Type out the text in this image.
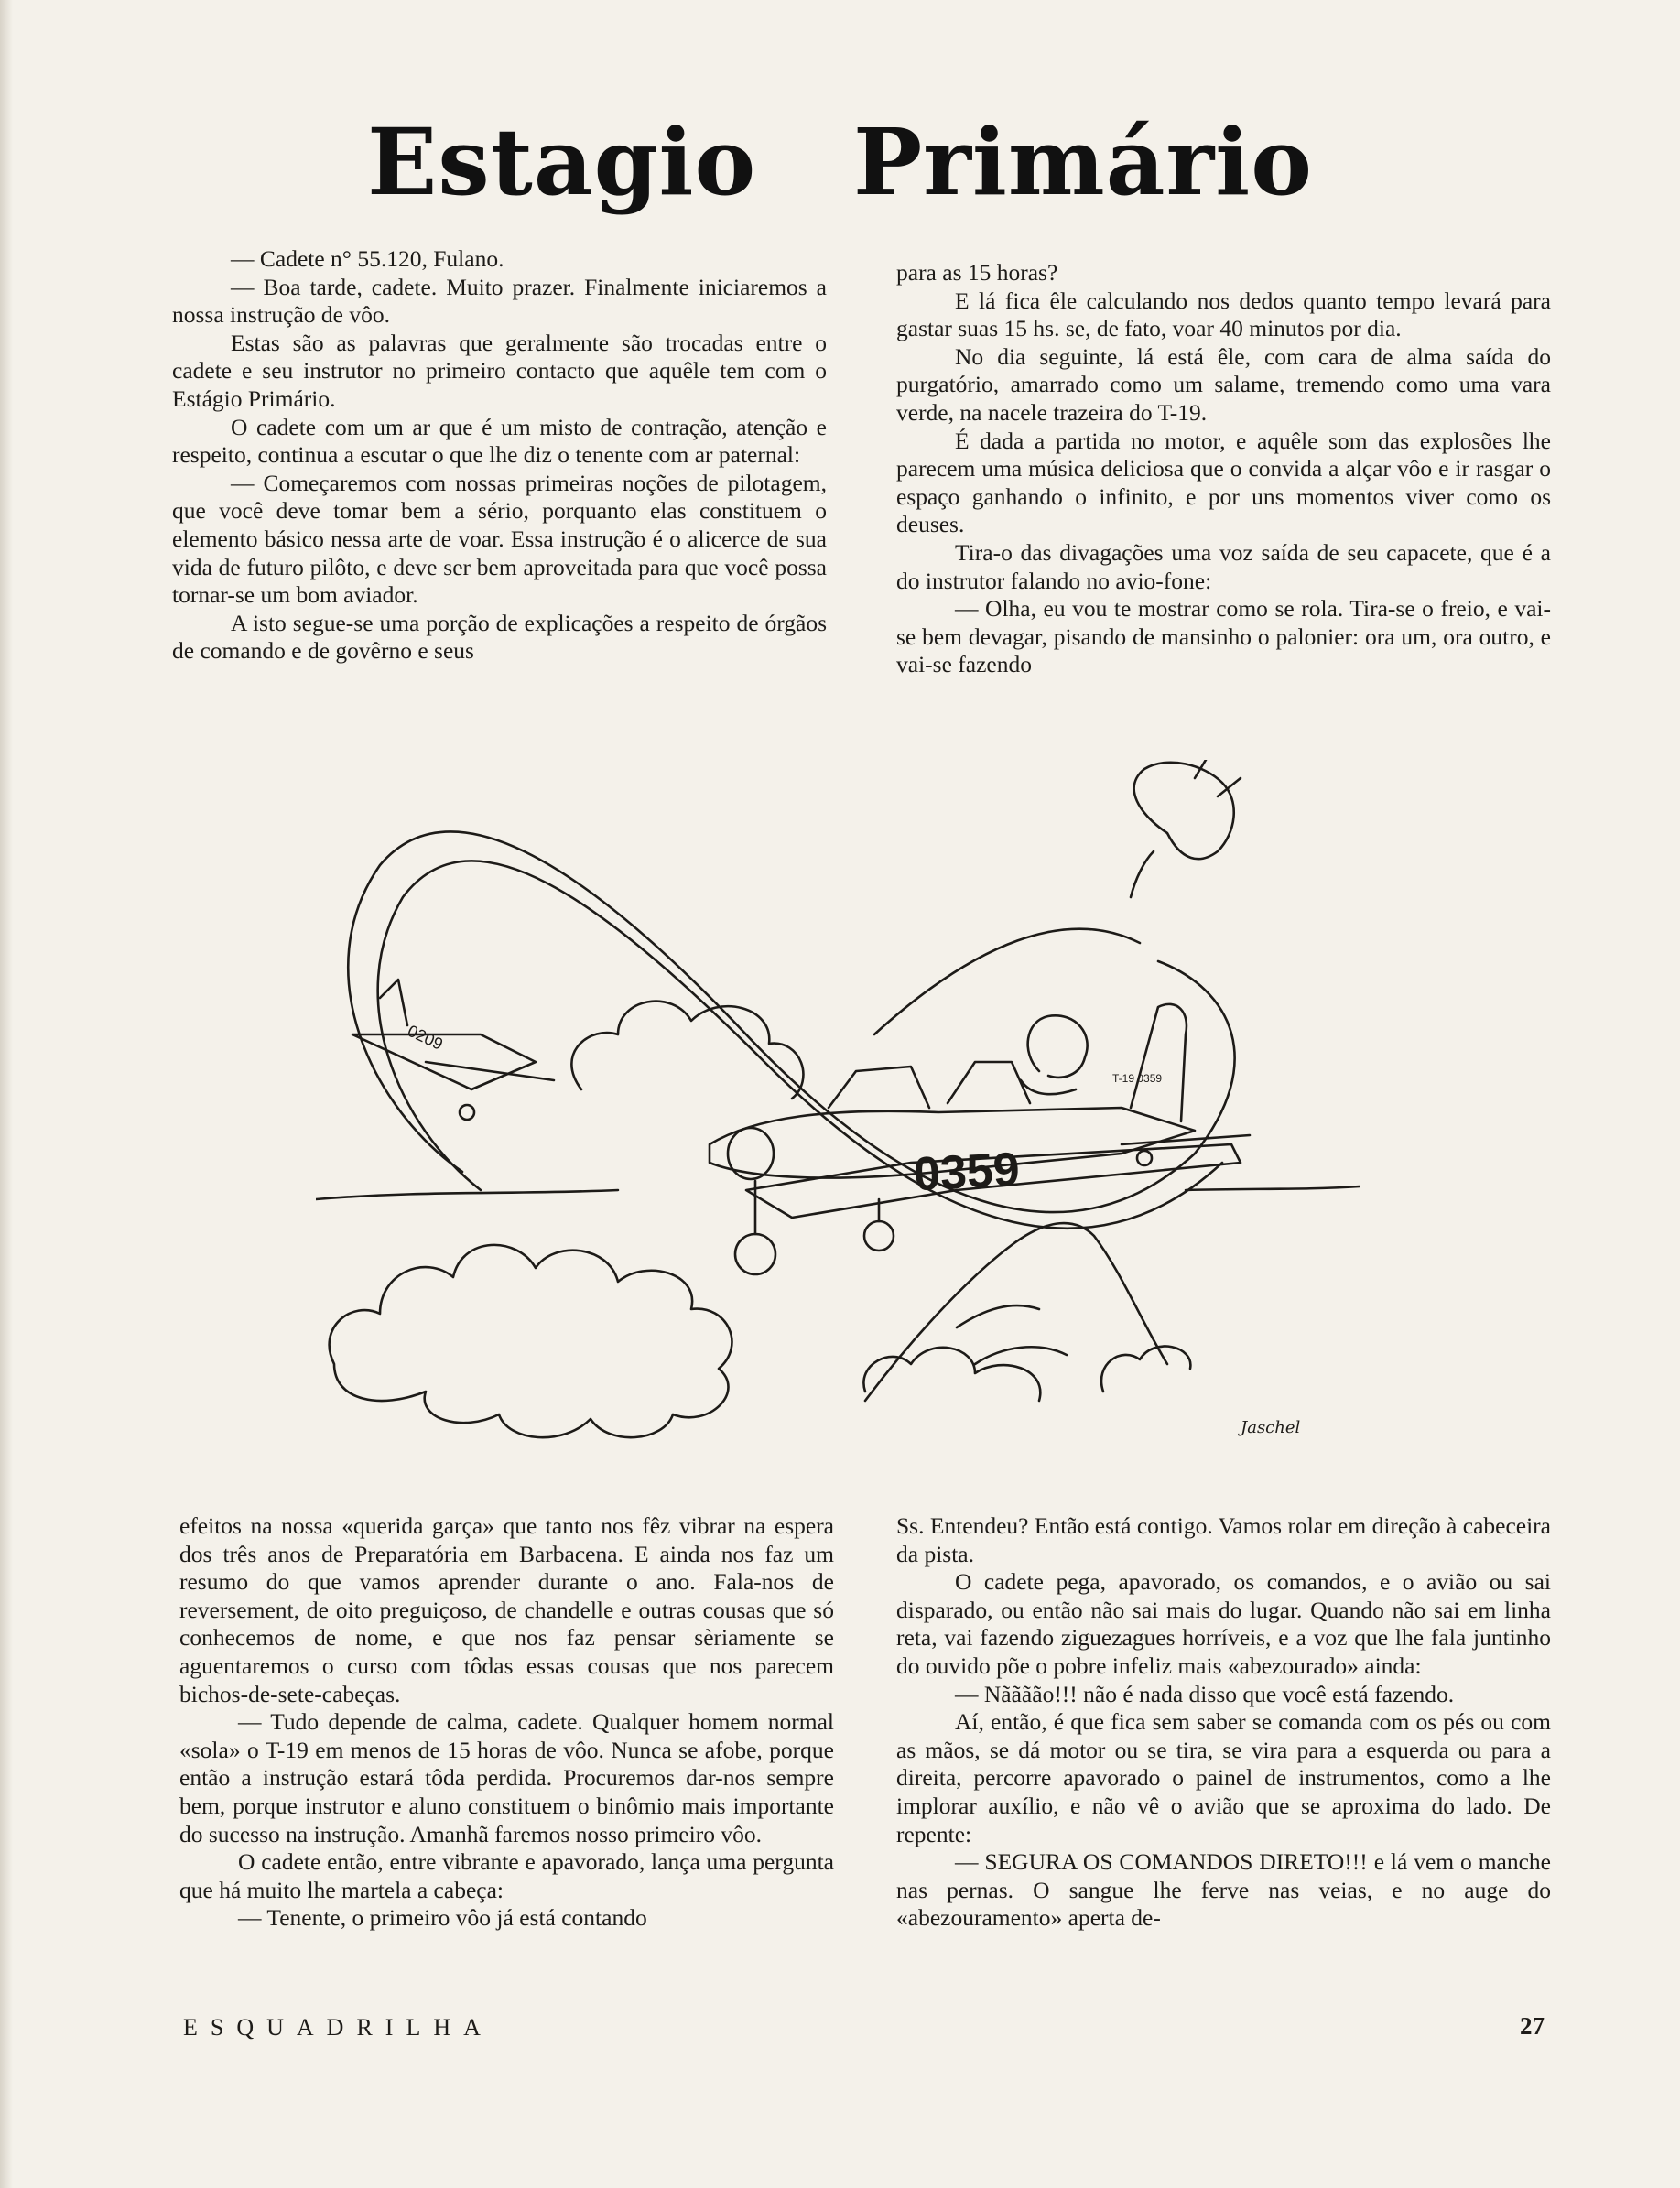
Estagio Primário

— Cadete n° 55.120, Fulano.

— Boa tarde, cadete. Muito prazer. Finalmente iniciaremos a nossa instrução de vôo.

Estas são as palavras que geralmente são trocadas entre o cadete e seu instrutor no primeiro contacto que aquêle tem com o Estágio Primário.

O cadete com um ar que é um misto de contração, atenção e respeito, continua a escutar o que lhe diz o tenente com ar paternal:

— Começaremos com nossas primeiras noções de pilotagem, que você deve tomar bem a sério, porquanto elas constituem o elemento básico nessa arte de voar. Essa instrução é o alicerce de sua vida de futuro pilôto, e deve ser bem aproveitada para que você possa tornar-se um bom aviador.

A isto segue-se uma porção de explicações a respeito de órgãos de comando e de govêrno e seus

para as 15 horas?

E lá fica êle calculando nos dedos quanto tempo levará para gastar suas 15 hs. se, de fato, voar 40 minutos por dia.

No dia seguinte, lá está êle, com cara de alma saída do purgatório, amarrado como um salame, tremendo como uma vara verde, na nacele trazeira do T-19.

É dada a partida no motor, e aquêle som das explosões lhe parecem uma música deliciosa que o convida a alçar vôo e ir rasgar o espaço ganhando o infinito, e por uns momentos viver como os deuses.

Tira-o das divagações uma voz saída de seu capacete, que é a do instrutor falando no avio-fone:

— Olha, eu vou te mostrar como se rola. Tira-se o freio, e vai-se bem devagar, pisando de mansinho o palonier: ora um, ora outro, e vai-se fazendo

0359
T-19 0359
0209
Jaschel

efeitos na nossa «querida garça» que tanto nos fêz vibrar na espera dos três anos de Preparatória em Barbacena. E ainda nos faz um resumo do que vamos aprender durante o ano. Fala-nos de reversement, de oito preguiçoso, de chandelle e outras cousas que só conhecemos de nome, e que nos faz pensar sèriamente se aguentaremos o curso com tôdas essas cousas que nos parecem bichos-de-sete-cabeças.

— Tudo depende de calma, cadete. Qualquer homem normal «sola» o T-19 em menos de 15 horas de vôo. Nunca se afobe, porque então a instrução estará tôda perdida. Procuremos dar-nos sempre bem, porque instrutor e aluno constituem o binômio mais importante do sucesso na instrução. Amanhã faremos nosso primeiro vôo.

O cadete então, entre vibrante e apavorado, lança uma pergunta que há muito lhe martela a cabeça:

— Tenente, o primeiro vôo já está contando

Ss. Entendeu? Então está contigo. Vamos rolar em direção à cabeceira da pista.

O cadete pega, apavorado, os comandos, e o avião ou sai disparado, ou então não sai mais do lugar. Quando não sai em linha reta, vai fazendo ziguezagues horríveis, e a voz que lhe fala juntinho do ouvido põe o pobre infeliz mais «abezourado» ainda:

— Nãããão!!! não é nada disso que você está fazendo.

Aí, então, é que fica sem saber se comanda com os pés ou com as mãos, se dá motor ou se tira, se vira para a esquerda ou para a direita, percorre apavorado o painel de instrumentos, como a lhe implorar auxílio, e não vê o avião que se aproxima do lado. De repente:

— SEGURA OS COMANDOS DIRETO!!! e lá vem o manche nas pernas. O sangue lhe ferve nas veias, e no auge do «abezouramento» aperta de-

ESQUADRILHA	27
